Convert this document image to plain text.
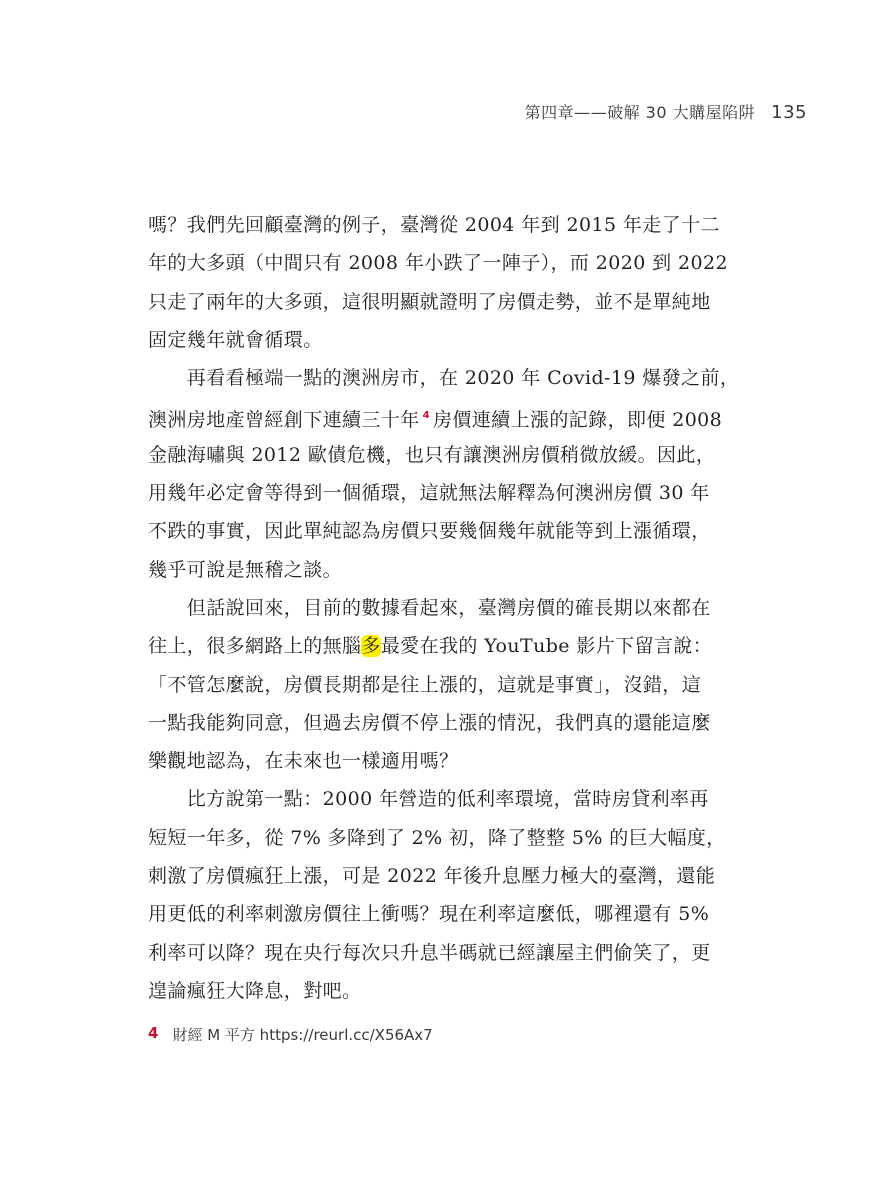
第四章——破解 30 大購屋陷阱 135
嗎？我們先回顧臺灣的例子，臺灣從 2004 年到 2015 年走了十二
年的大多頭（中間只有 2008 年小跌了一陣子），而 2020 到 2022
只走了兩年的大多頭，這很明顯就證明了房價走勢，並不是單純地
固定幾年就會循環。
　　再看看極端一點的澳洲房市，在 2020 年 Covid-19 爆發之前，
澳洲房地產曾經創下連續三十年 $^4$ 房價連續上漲的記錄，即便 2008
金融海嘯與 2012 歐債危機，也只有讓澳洲房價稍微放緩。因此，
用幾年必定會等得到一個循環，這就無法解釋為何澳洲房價 30 年
不跌的事實，因此單純認為房價只要幾個幾年就能等到上漲循環，
幾乎可說是無稽之談。
　　但話說回來，目前的數據看起來，臺灣房價的確長期以來都在
往上，很多網路上的無腦多最愛在我的 YouTube 影片下留言說：
「不管怎麼說，房價長期都是往上漲的，這就是事實」，沒錯，這
一點我能夠同意，但過去房價不停上漲的情況，我們真的還能這麼
樂觀地認為，在未來也一樣適用嗎？
　　比方說第一點：2000 年營造的低利率環境，當時房貸利率再
短短一年多，從 7% 多降到了 2% 初，降了整整 5% 的巨大幅度，
刺激了房價瘋狂上漲，可是 2022 年後升息壓力極大的臺灣，還能
用更低的利率刺激房價往上衝嗎？現在利率這麼低，哪裡還有 5%
利率可以降？現在央行每次只升息半碼就已經讓屋主們偷笑了，更
遑論瘋狂大降息，對吧。
4 財經 M 平方 https://reurl.cc/X56Ax7
